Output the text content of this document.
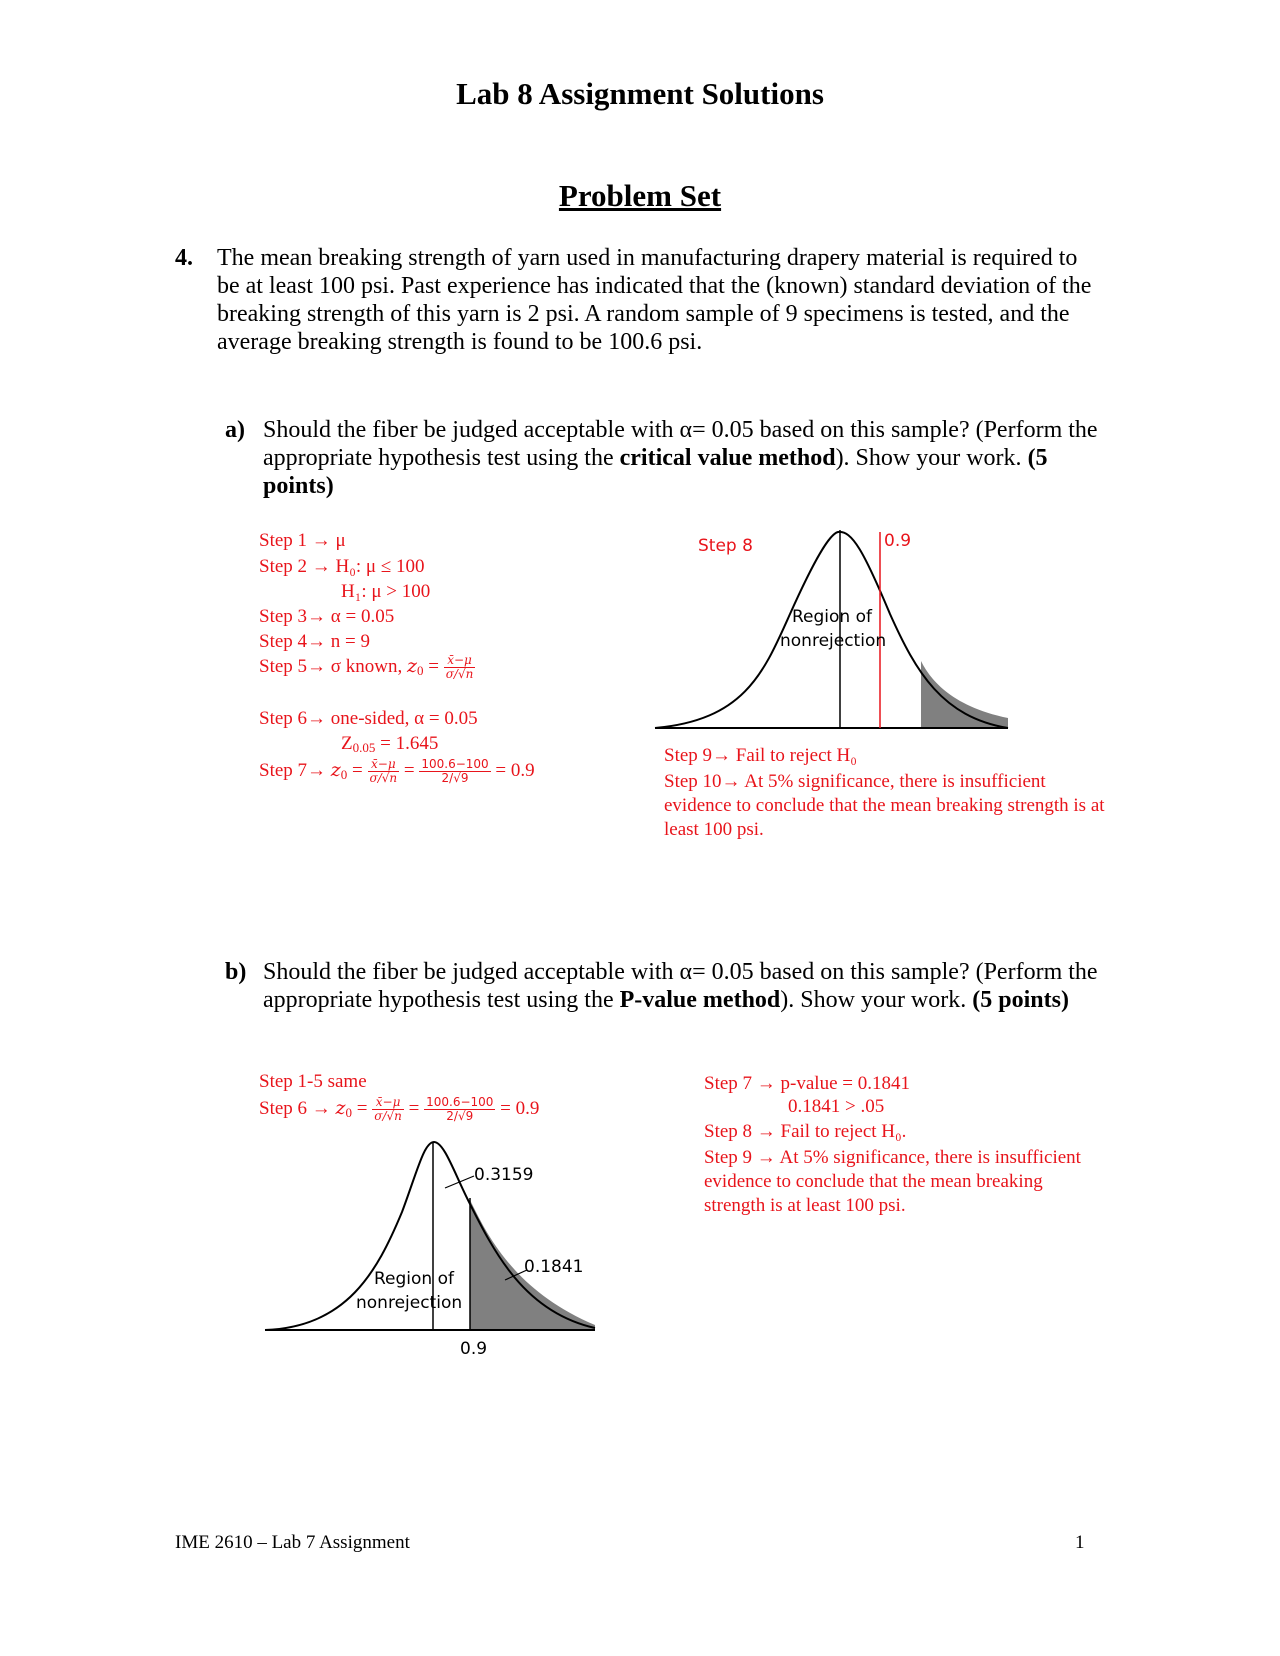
Lab 8 Assignment Solutions
Problem Set
4. The mean breaking strength of yarn used in manufacturing drapery material is required to be at least 100 psi. Past experience has indicated that the (known) standard deviation of the breaking strength of this yarn is 2 psi. A random sample of 9 specimens is tested, and the average breaking strength is found to be 100.6 psi.
a) Should the fiber be judged acceptable with α= 0.05 based on this sample? (Perform the appropriate hypothesis test using the critical value method). Show your work. (5 points)
Step 1 → μ
Step 2 → H₀: μ ≤ 100
H₁: μ > 100
Step 3→ α = 0.05
Step 4→ n = 9
Step 5→ σ known, $z_0 = \frac{x̄-\mu}{\sigma/√n}$
Step 6→ one-sided, α = 0.05
$Z_{0.05} = 1.645$
Step $7\to z_0 = \frac{x̄-\mu}{\sigma/√n} = \frac{100.6-100}{2/√9} = 0.9$
Step 8	0.9
Region of
nonrejection
Step 9→ Fail to reject H₀
Step 10→ At 5% significance, there is insufficient evidence to conclude that the mean breaking strength is at least 100 psi.
b) Should the fiber be judged acceptable with α= 0.05 based on this sample? (Perform the appropriate hypothesis test using the P-value method). Show your work. (5 points)
Step 1-5 same
Step $6 \to z_0 = \frac{x̄-\mu}{\sigma/√n} = \frac{100.6-100}{2/√9} = 0.9$
Step 7 → p-value = 0.1841
0.1841 > .05
Step 8 → Fail to reject H₀.
Step 9 → At 5% significance, there is insufficient evidence to conclude that the mean breaking strength is at least 100 psi.
0.3159
0.1841
Region of
nonrejection
0.9
IME 2610 – Lab 7 Assignment	1
